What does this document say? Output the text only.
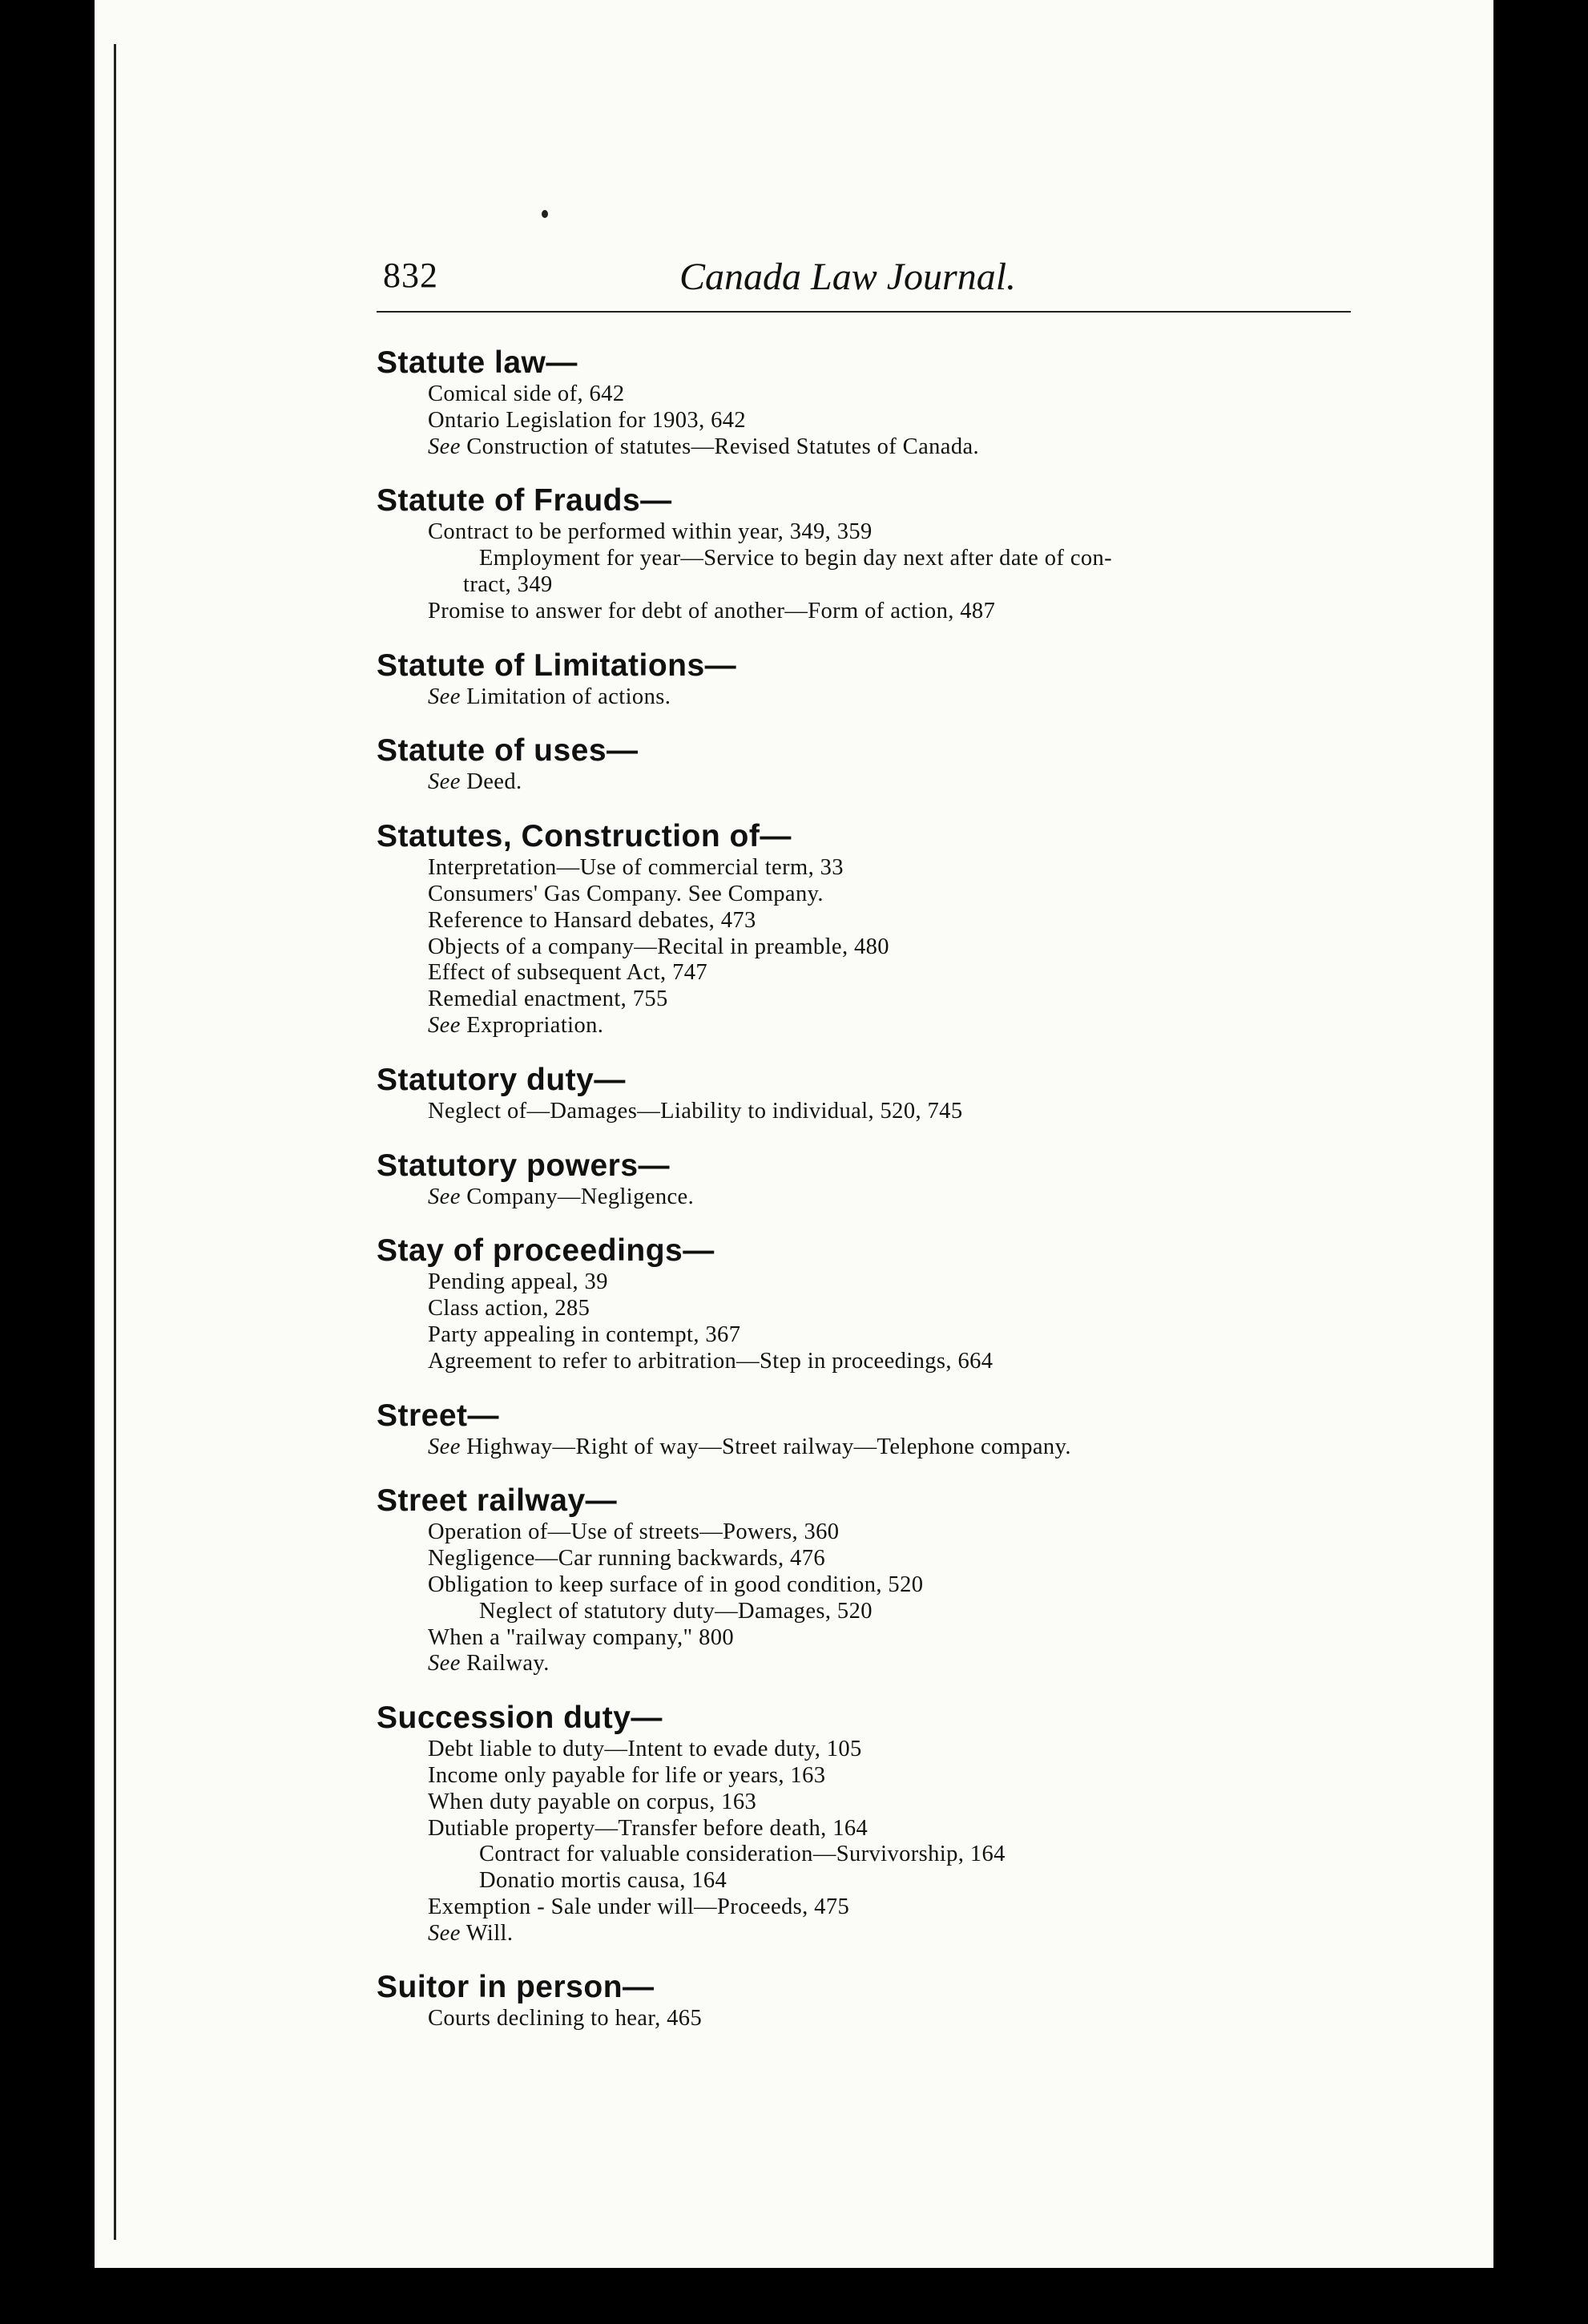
832	Canada Law Journal.
Statute law—
Comical side of, 642
Ontario Legislation for 1903, 642
See Construction of statutes—Revised Statutes of Canada.
Statute of Frauds—
Contract to be performed within year, 349, 359
Employment for year—Service to begin day next after date of con-
tract, 349
Promise to answer for debt of another—Form of action, 487
Statute of Limitations—
See Limitation of actions.
Statute of uses—
See Deed.
Statutes, Construction of—
Interpretation—Use of commercial term, 33
Consumers' Gas Company. See Company.
Reference to Hansard debates, 473
Objects of a company—Recital in preamble, 480
Effect of subsequent Act, 747
Remedial enactment, 755
See Expropriation.
Statutory duty—
Neglect of—Damages—Liability to individual, 520, 745
Statutory powers—
See Company—Negligence.
Stay of proceedings—
Pending appeal, 39
Class action, 285
Party appealing in contempt, 367
Agreement to refer to arbitration—Step in proceedings, 664
Street—
See Highway—Right of way—Street railway—Telephone company.
Street railway—
Operation of—Use of streets—Powers, 360
Negligence—Car running backwards, 476
Obligation to keep surface of in good condition, 520
Neglect of statutory duty—Damages, 520
When a "railway company," 800
See Railway.
Succession duty—
Debt liable to duty—Intent to evade duty, 105
Income only payable for life or years, 163
When duty payable on corpus, 163
Dutiable property—Transfer before death, 164
Contract for valuable consideration—Survivorship, 164
Donatio mortis causa, 164
Exemption - Sale under will—Proceeds, 475
See Will.
Suitor in person—
Courts declining to hear, 465
